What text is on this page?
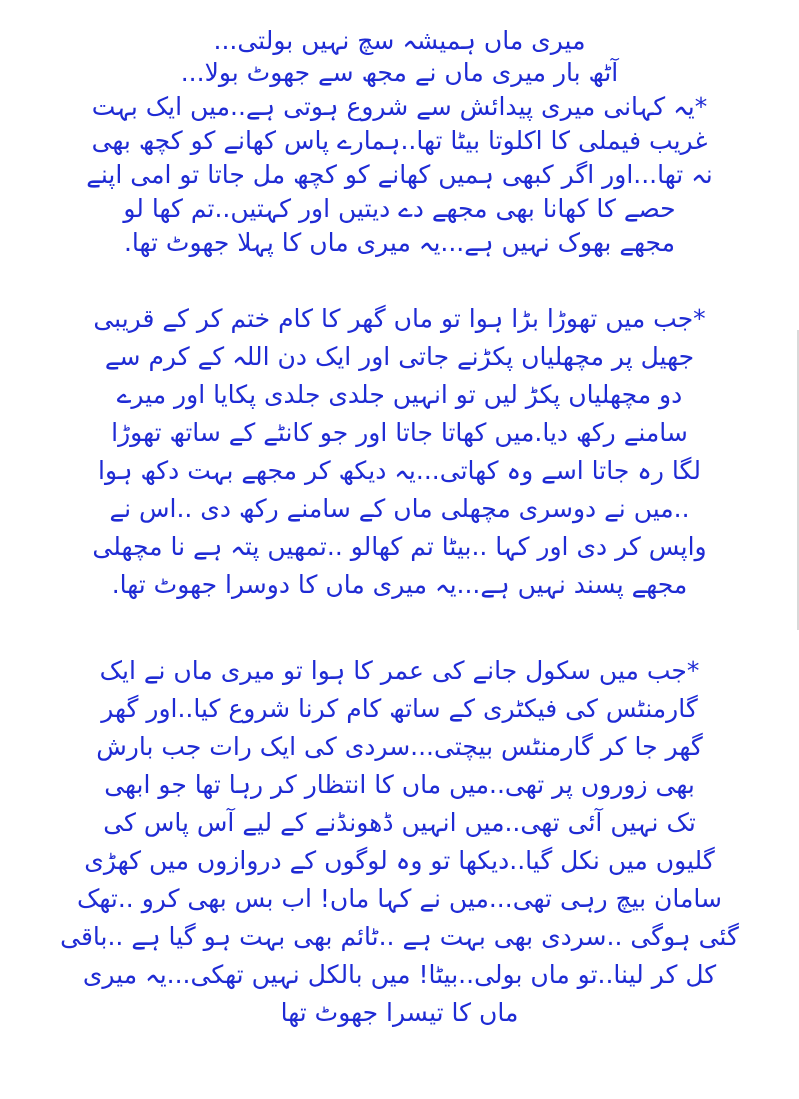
میری ماں ہمیشہ سچ نہیں بولتی...
آٹھ بار میری ماں نے مجھ سے جھوٹ بولا...
*یہ کہانی میری پیدائش سے شروع ہوتی ہے..میں ایک بہت
غریب فیملی کا اکلوتا بیٹا تھا..ہمارے پاس کھانے کو کچھ بھی
نہ تھا...اور اگر کبھی ہمیں کھانے کو کچھ مل جاتا تو امی اپنے
حصے کا کھانا بھی مجھے دے دیتیں اور کہتیں..تم کھا لو
مجھے بھوک نہیں ہے...یہ میری ماں کا پہلا جھوٹ تھا.
*جب میں تھوڑا بڑا ہوا تو ماں گھر کا کام ختم کر کے قریبی
جھیل پر مچھلیاں پکڑنے جاتی اور ایک دن اللہ کے کرم سے
دو مچھلیاں پکڑ لیں تو انہیں جلدی جلدی پکایا اور میرے
سامنے رکھ دیا.میں کھاتا جاتا اور جو کانٹے کے ساتھ تھوڑا
لگا رہ جاتا اسے وہ کھاتی...یہ دیکھ کر مجھے بہت دکھ ہوا
..میں نے دوسری مچھلی ماں کے سامنے رکھ دی ..اس نے
واپس کر دی اور کہا ..بیٹا تم کھالو ..تمھیں پتہ ہے نا مچھلی
مجھے پسند نہیں ہے...یہ میری ماں کا دوسرا جھوٹ تھا.
*جب میں سکول جانے کی عمر کا ہوا تو میری ماں نے ایک
گارمنٹس کی فیکٹری کے ساتھ کام کرنا شروع کیا..اور گھر
گھر جا کر گارمنٹس بیچتی...سردی کی ایک رات جب بارش
بھی زوروں پر تھی..میں ماں کا انتظار کر رہا تھا جو ابھی
تک نہیں آئی تھی..میں انہیں ڈھونڈنے کے لیے آس پاس کی
گلیوں میں نکل گیا..دیکھا تو وہ لوگوں کے دروازوں میں کھڑی
سامان بیچ رہی تھی...میں نے کہا ماں! اب بس بھی کرو ..تھک
گئی ہوگی ..سردی بھی بہت ہے ..ٹائم بھی بہت ہو گیا ہے ..باقی
کل کر لینا..تو ماں بولی..بیٹا! میں بالکل نہیں تھکی...یہ میری
ماں کا تیسرا جھوٹ تھا
